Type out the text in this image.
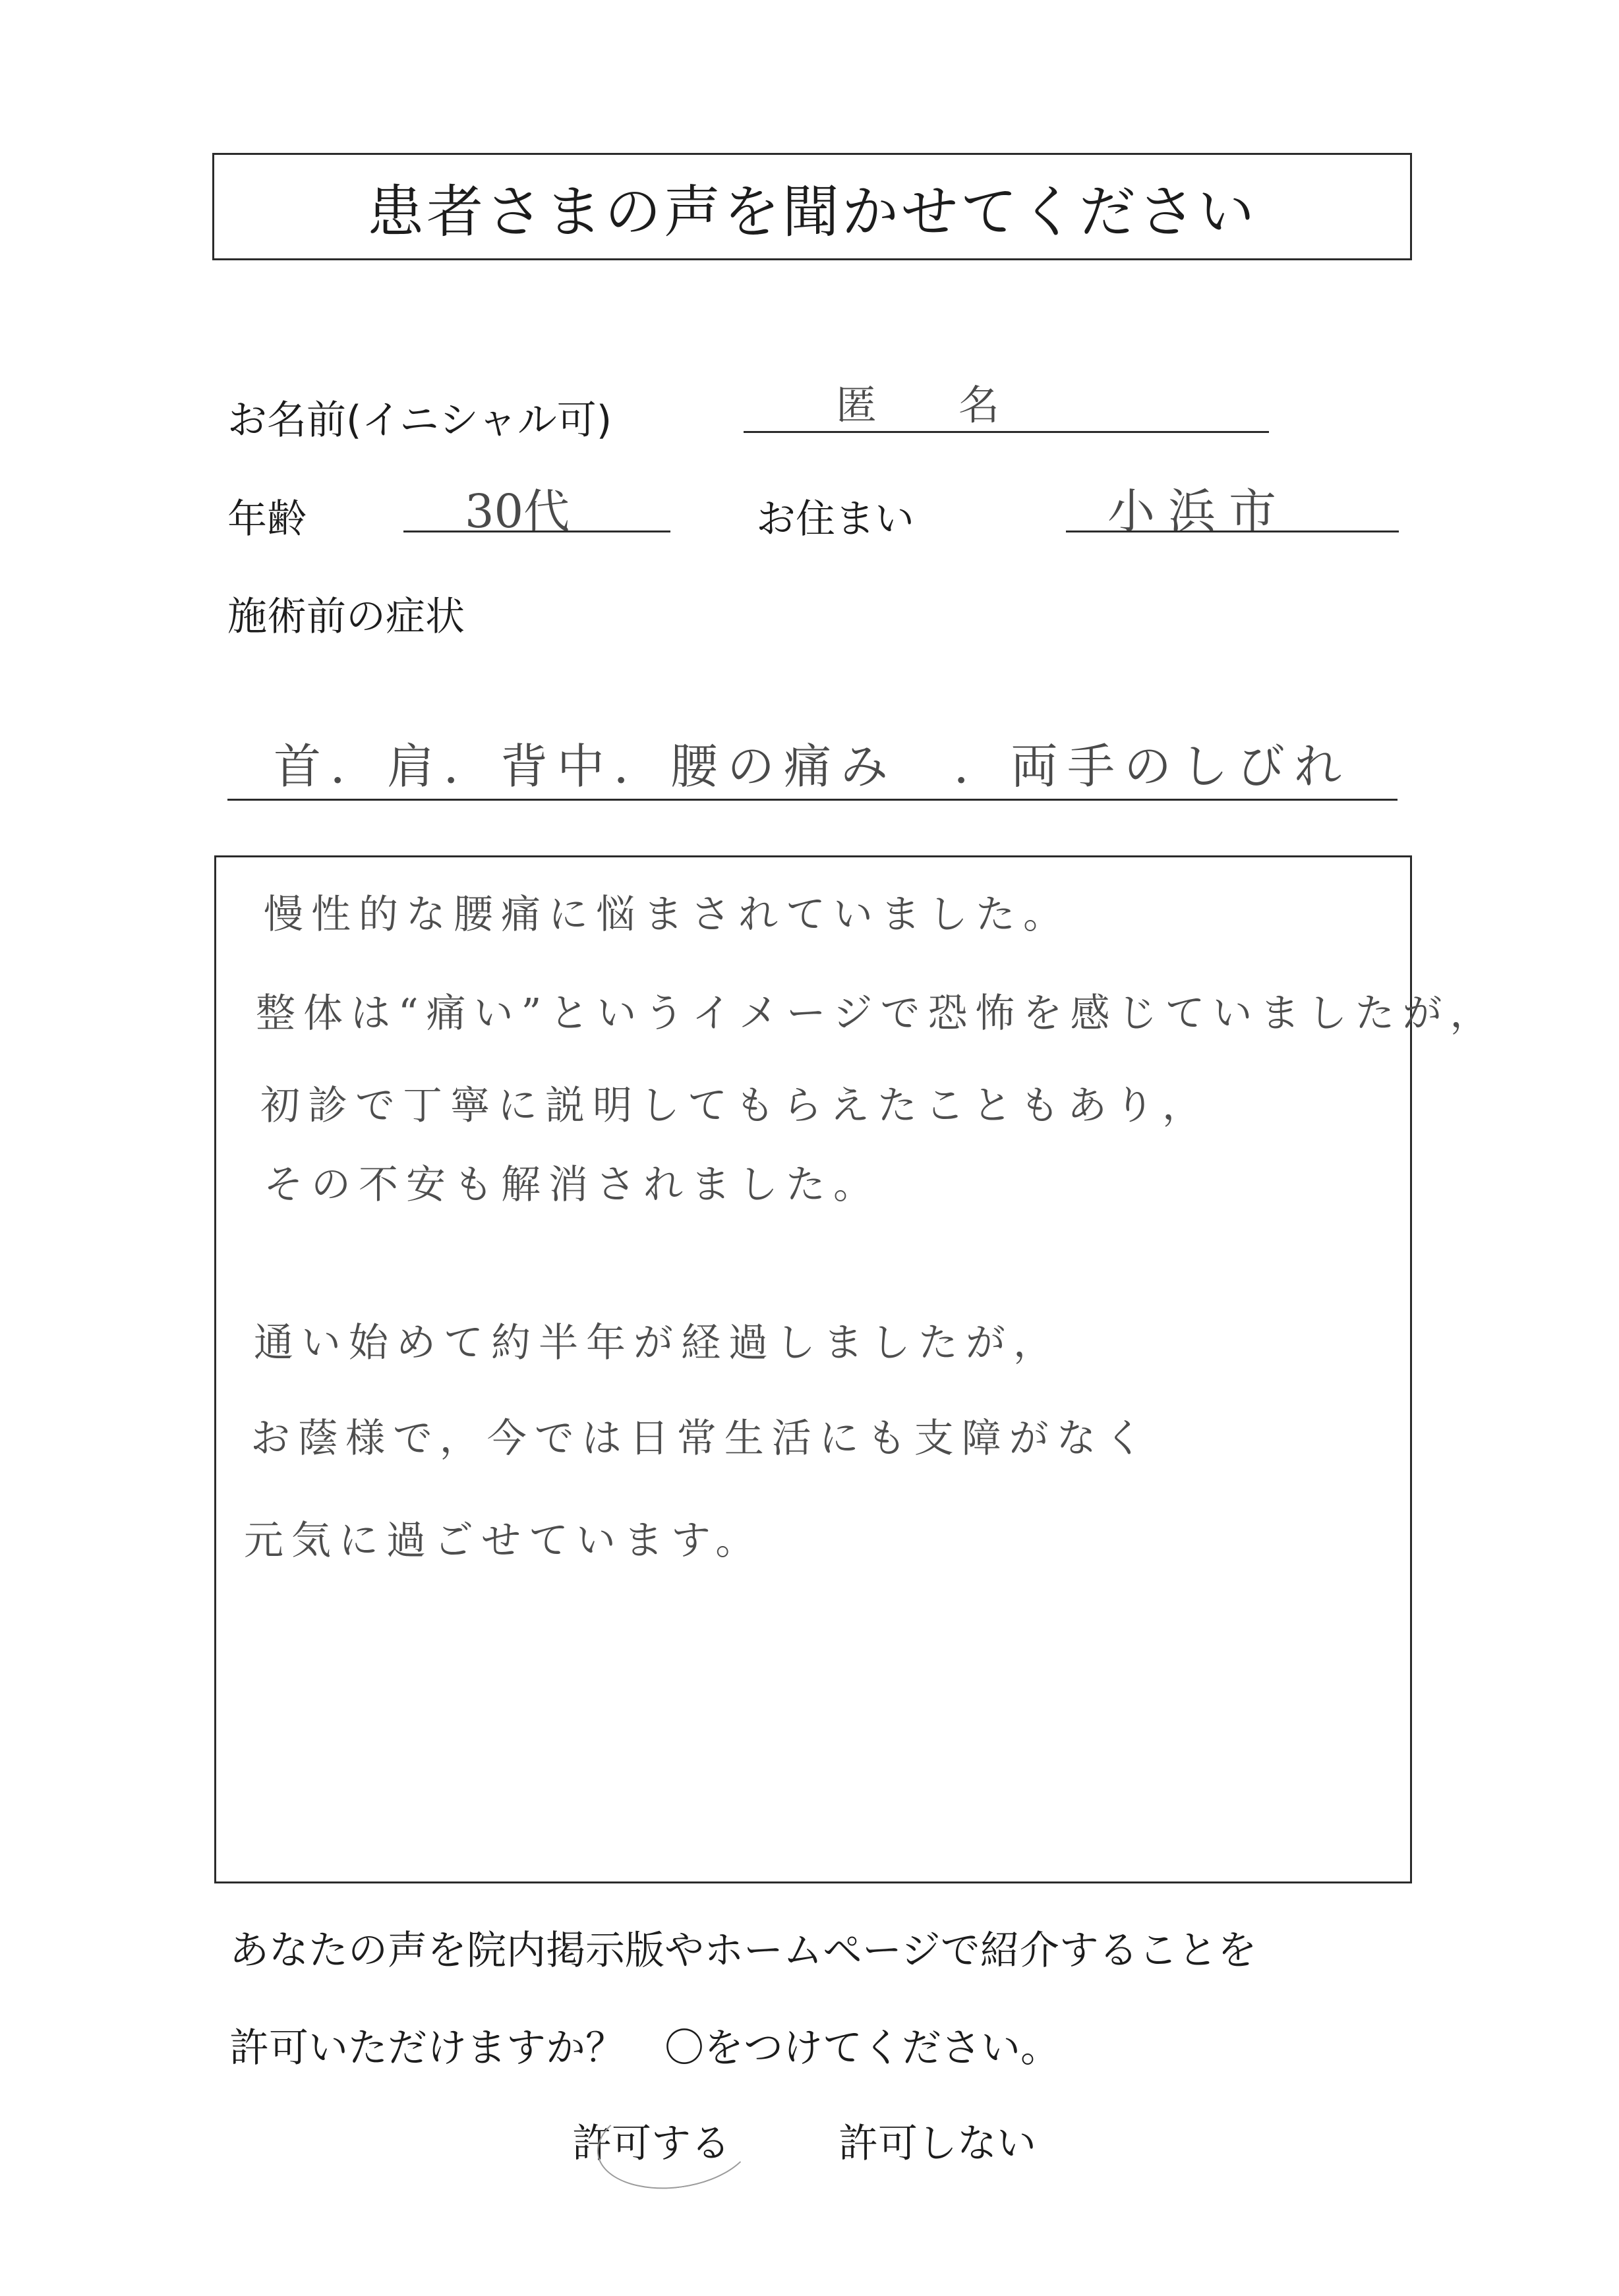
患者さまの声を聞かせてください
お名前(イニシャル可)	匿　　名
年齢	30代	お住まい	小浜市
施術前の症状
首．肩．背中．腰の痛み　．両手のしびれ
慢性的な腰痛に悩まされていました。
整体は“痛い”というイメージで恐怖を感じていましたが，
初診で丁寧に説明してもらえたこともあり，
その不安も解消されました。
通い始めて約半年が経過しましたが，
お蔭様で，今では日常生活にも支障がなく
元気に過ごせています。
あなたの声を院内掲示版やホームページで紹介することを
許可いただけますか？　〇をつけてください。
許可する	許可しない
